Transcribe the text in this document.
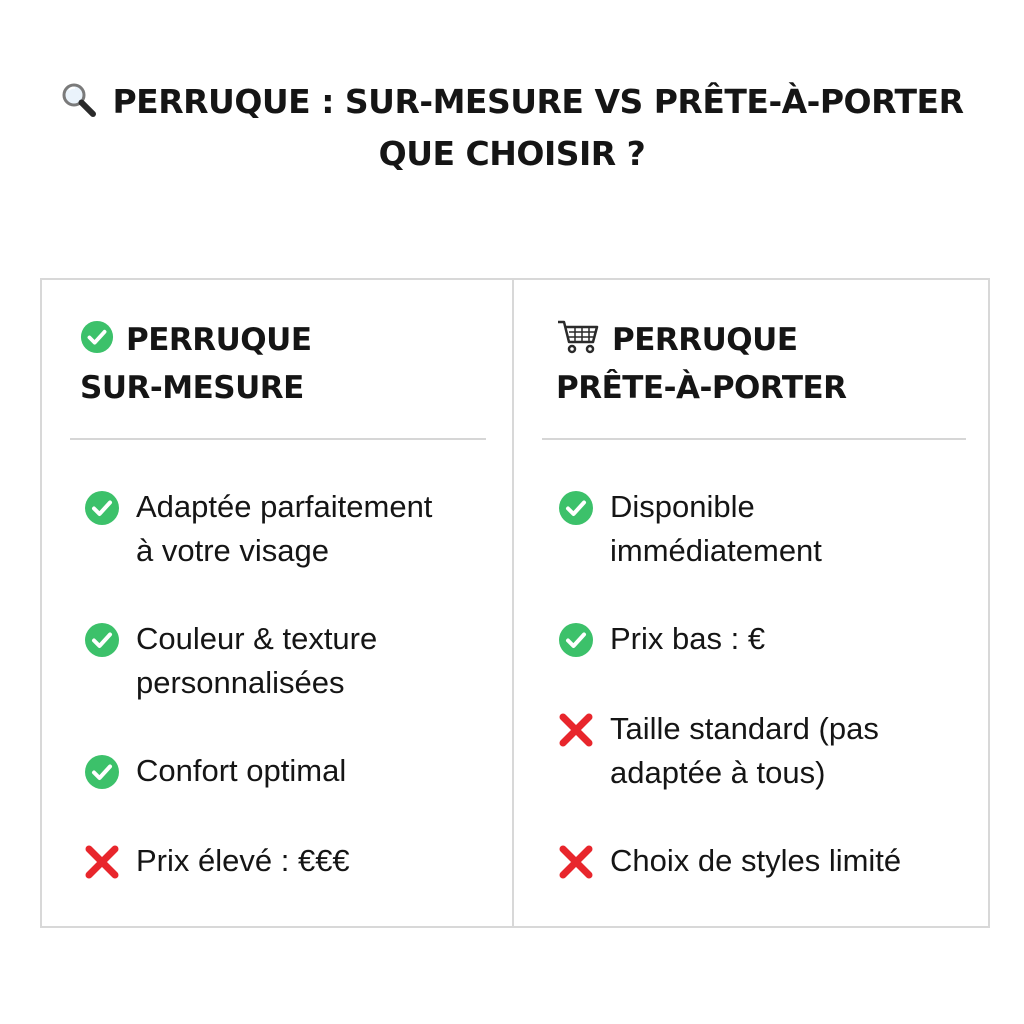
PERRUQUE : SUR-MESURE VS PRÊTE-À-PORTER
QUE CHOISIR ?
PERRUQUE
SUR-MESURE
Adaptée parfaitement
à votre visage
Couleur & texture
personnalisées
Confort optimal
Prix élevé : €€€
PERRUQUE
PRÊTE-À-PORTER
Disponible
immédiatement
Prix bas : €
Taille standard (pas
adaptée à tous)
Choix de styles limité
